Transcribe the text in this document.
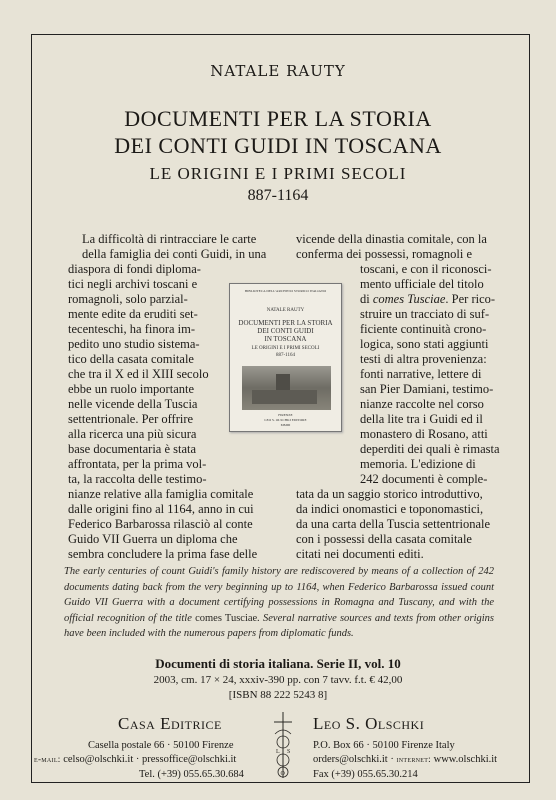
NATALE RAUTY
DOCUMENTI PER LA STORIA
DEI CONTI GUIDI IN TOSCANA
LE ORIGINI E I PRIMI SECOLI
887-1164
La difficoltà di rintracciare le carte
della famiglia dei conti Guidi, in una
diaspora di fondi diploma-
tici negli archivi toscani e
romagnoli, solo parzial-
mente edite da eruditi set-
tecenteschi, ha finora im-
pedito uno studio sistema-
tico della casata comitale
che tra il X ed il XIII secolo
ebbe un ruolo importante
nelle vicende della Tuscia
settentrionale. Per offrire
alla ricerca una più sicura
base documentaria è stata
affrontata, per la prima vol-
ta, la raccolta delle testimo-
nianze relative alla famiglia comitale
dalle origini fino al 1164, anno in cui
Federico Barbarossa rilasciò al conte
Guido VII Guerra un diploma che
sembra concludere la prima fase delle
vicende della dinastia comitale, con la
conferma dei possessi, romagnoli e
toscani, e con il riconosci-
mento ufficiale del titolo
di comes Tusciae. Per rico-
struire un tracciato di suf-
ficiente continuità crono-
logica, sono stati aggiunti
testi di altra provenienza:
fonti narrative, lettere di
san Pier Damiani, testimo-
nianze raccolte nel corso
della lite tra i Guidi ed il
monastero di Rosano, atti
deperditi dei quali è rimasta
memoria. L'edizione di
242 documenti è comple-
tata da un saggio storico introduttivo,
da indici onomastici e toponomastici,
da una carta della Tuscia settentrionale
con i possessi della casata comitale
citati nei documenti editi.
BIBLIOTECA DELL'ARCHIVIO STORICO ITALIANO
NATALE RAUTY
DOCUMENTI PER LA STORIA
DEI CONTI GUIDI
IN TOSCANA
LE ORIGINI E I PRIMI SECOLI
887-1164
FIRENZE
LEO S. OLSCHKI EDITORE
MMIII
The early centuries of count Guidi's family history are rediscovered by means of a collection of 242 documents dating back from the very beginning up to 1164, when Federico Barbarossa issued count Guido VII Guerra with a document certifying possessions in Romagna and Tuscany, and with the official recognition of the title comes Tusciae. Several narrative sources and texts from other origins have been included with the numerous papers from diplomatic funds.
Documenti di storia italiana. Serie II, vol. 10
2003, cm. 17 × 24, xxxiv-390 pp. con 7 tavv. f.t. € 42,00
[ISBN 88 222 5243 8]
Casa Editrice
Casella postale 66 · 50100 Firenze
e-mail: celso@olschki.it · pressoffice@olschki.it
Tel. (+39) 055.65.30.684
L S
O
Leo S. Olschki
P.O. Box 66 · 50100 Firenze Italy
orders@olschki.it · internet: www.olschki.it
Fax (+39) 055.65.30.214
